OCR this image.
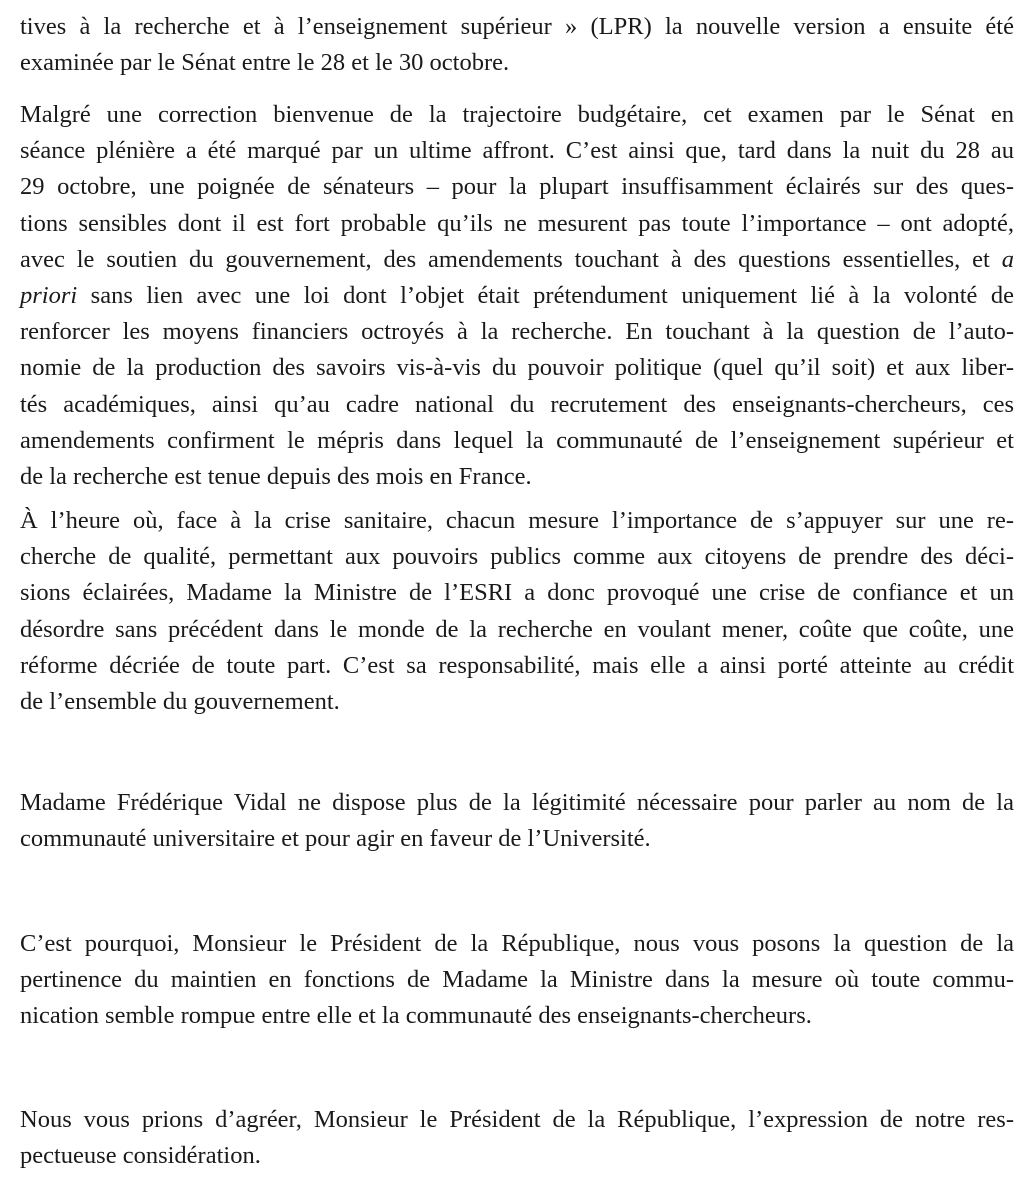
tives à la recherche et à l’enseignement supérieur » (LPR) la nouvelle version a ensuite été
examinée par le Sénat entre le 28 et le 30 octobre.

Malgré une correction bienvenue de la trajectoire budgétaire, cet examen par le Sénat en
séance plénière a été marqué par un ultime affront. C’est ainsi que, tard dans la nuit du 28 au
29 octobre, une poignée de sénateurs – pour la plupart insuffisamment éclairés sur des ques-
tions sensibles dont il est fort probable qu’ils ne mesurent pas toute l’importance – ont adopté,
avec le soutien du gouvernement, des amendements touchant à des questions essentielles, et a
priori sans lien avec une loi dont l’objet était prétendument uniquement lié à la volonté de
renforcer les moyens financiers octroyés à la recherche. En touchant à la question de l’auto-
nomie de la production des savoirs vis-à-vis du pouvoir politique (quel qu’il soit) et aux liber-
tés académiques, ainsi qu’au cadre national du recrutement des enseignants-chercheurs, ces
amendements confirment le mépris dans lequel la communauté de l’enseignement supérieur et
de la recherche est tenue depuis des mois en France.

À l’heure où, face à la crise sanitaire, chacun mesure l’importance de s’appuyer sur une re-
cherche de qualité, permettant aux pouvoirs publics comme aux citoyens de prendre des déci-
sions éclairées, Madame la Ministre de l’ESRI a donc provoqué une crise de confiance et un
désordre sans précédent dans le monde de la recherche en voulant mener, coûte que coûte, une
réforme décriée de toute part. C’est sa responsabilité, mais elle a ainsi porté atteinte au crédit
de l’ensemble du gouvernement.

Madame Frédérique Vidal ne dispose plus de la légitimité nécessaire pour parler au nom de la
communauté universitaire et pour agir en faveur de l’Université.

C’est pourquoi, Monsieur le Président de la République, nous vous posons la question de la
pertinence du maintien en fonctions de Madame la Ministre dans la mesure où toute commu-
nication semble rompue entre elle et la communauté des enseignants-chercheurs.

Nous vous prions d’agréer, Monsieur le Président de la République, l’expression de notre res-
pectueuse considération.
